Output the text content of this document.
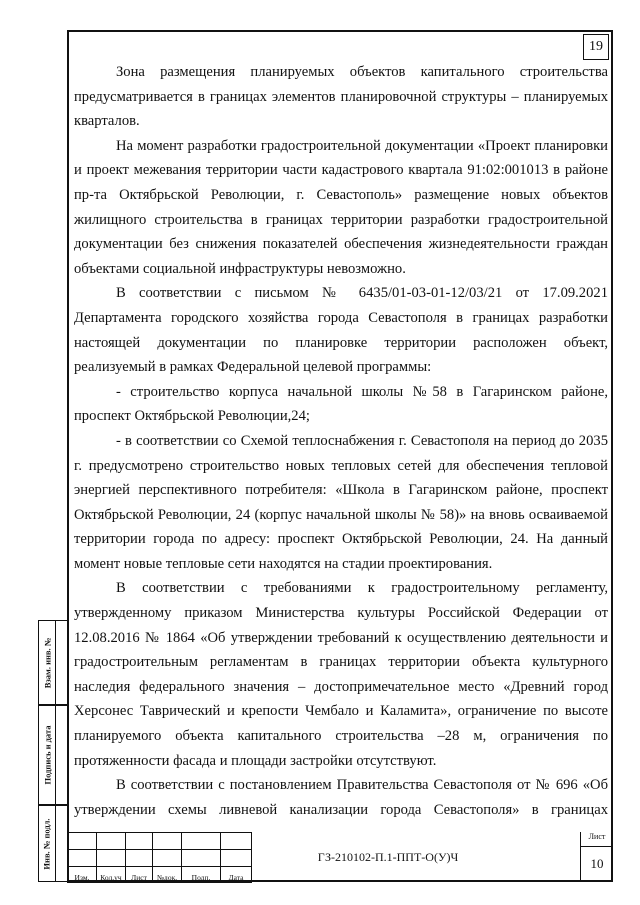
19

Зона размещения планируемых объектов капитального строительства предусматривается в границах элементов планировочной структуры – планируемых кварталов.

На момент разработки градостроительной документации «Проект планировки и проект межевания территории части кадастрового квартала 91:02:001013 в районе пр-та Октябрьской Революции, г. Севастополь» размещение новых объектов жилищного строительства в границах территории разработки градостроительной документации без снижения показателей обеспечения жизнедеятельности граждан объектами социальной инфраструктуры невозможно.

В соответствии с письмом № 6435/01-03-01-12/03/21 от 17.09.2021 Департамента городского хозяйства города Севастополя в границах разработки настоящей документации по планировке территории расположен объект, реализуемый в рамках Федеральной целевой программы:

- строительство корпуса начальной школы №58 в Гагаринском районе, проспект Октябрьской Революции,24;

- в соответствии со Схемой теплоснабжения г. Севастополя на период до 2035 г. предусмотрено строительство новых тепловых сетей для обеспечения тепловой энергией перспективного потребителя: «Школа в Гагаринском районе, проспект Октябрьской Революции, 24 (корпус начальной школы № 58)» на вновь осваиваемой территории города по адресу: проспект Октябрьской Революции, 24. На данный момент новые тепловые сети находятся на стадии проектирования.

В соответствии с требованиями к градостроительному регламенту, утвержденному приказом Министерства культуры Российской Федерации от 12.08.2016 № 1864 «Об утверждении требований к осуществлению деятельности и градостроительным регламентам в границах территории объекта культурного наследия федерального значения – достопримечательное место «Древний город Херсонес Таврический и крепости Чембало и Каламита», ограничение по высоте планируемого объекта капитального строительства –28 м, ограничения по протяженности фасада и площади застройки отсутствуют.

В соответствии с постановлением Правительства Севастополя от № 696 «Об утверждении схемы ливневой канализации города Севастополя» в границах

Взам. инв. №
Подпись и дата
Инв. № подл.

Изм.	Кол.уч	Лист	№док.	Подп.	Дата
ГЗ-210102-П.1-ППТ-О(У)Ч
Лист
10
